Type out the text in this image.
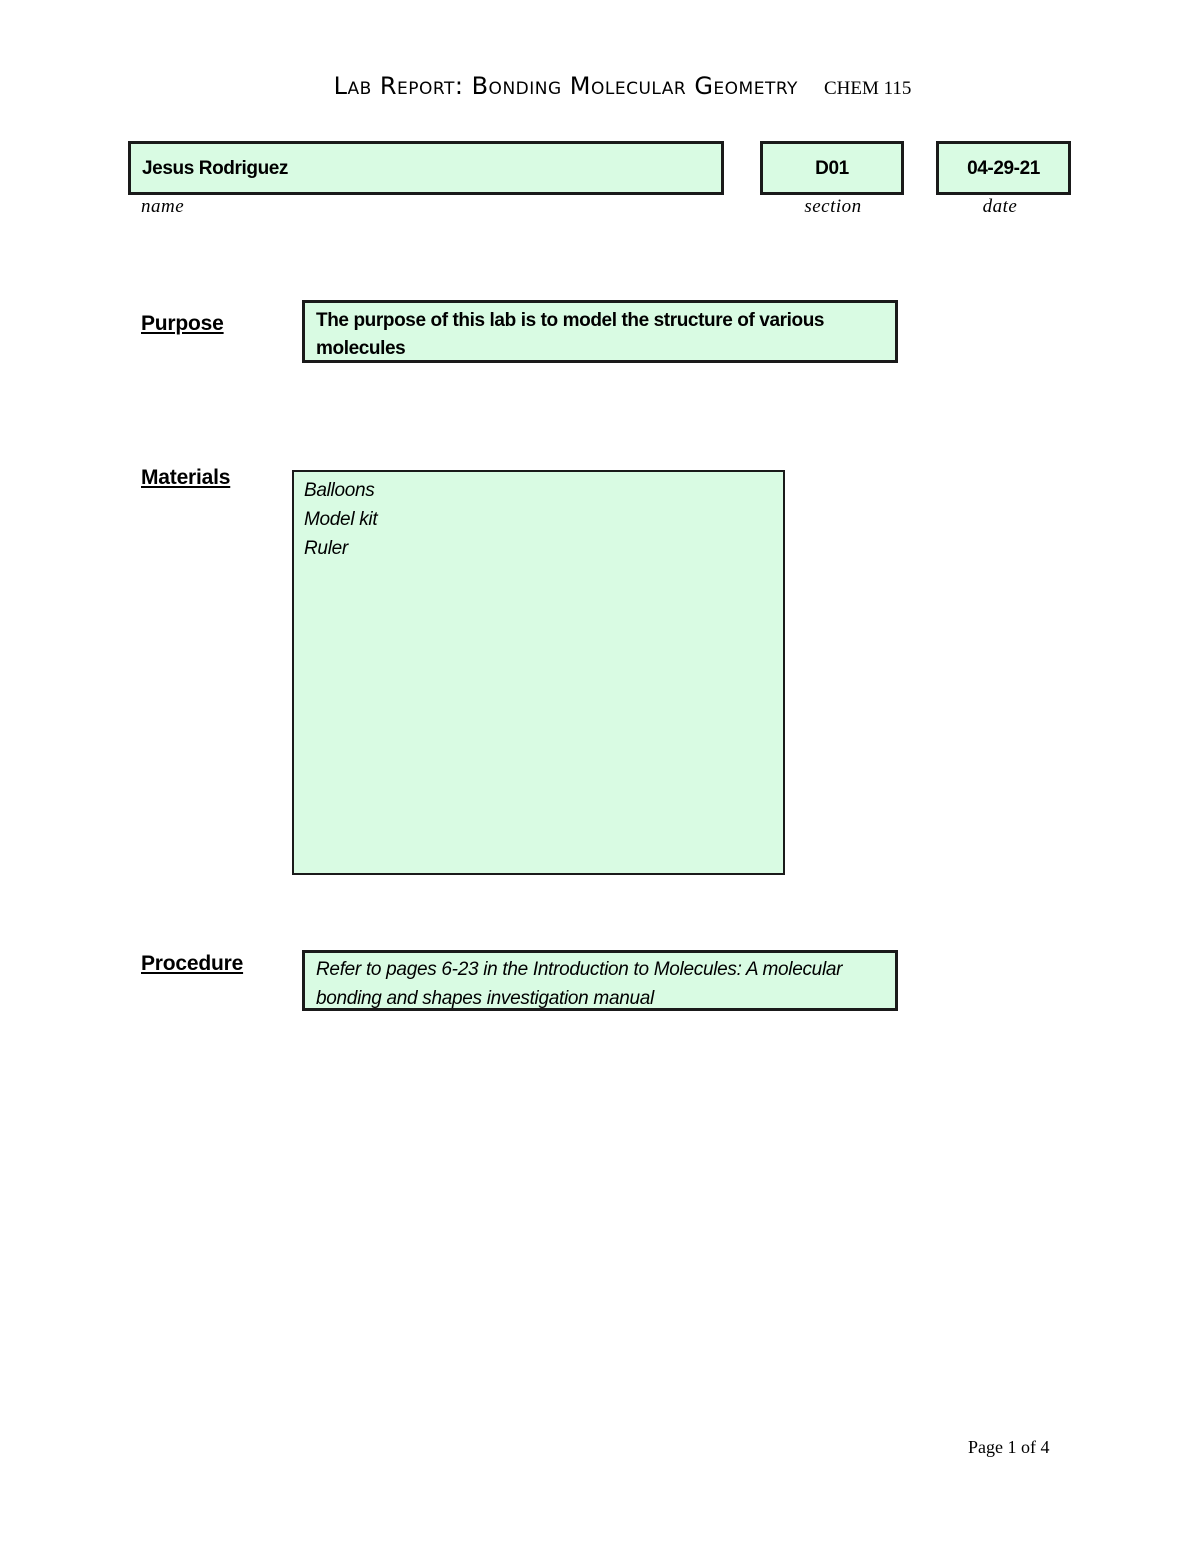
Lab Report: Bonding Molecular Geometry CHEM 115
Jesus Rodriguez	D01	04-29-21
name	section	date
Purpose	The purpose of this lab is to model the structure of various molecules
Materials
Balloons
Model kit
Ruler
Procedure	Refer to pages 6-23 in the Introduction to Molecules: A molecular bonding and shapes investigation manual
Page 1 of 4
